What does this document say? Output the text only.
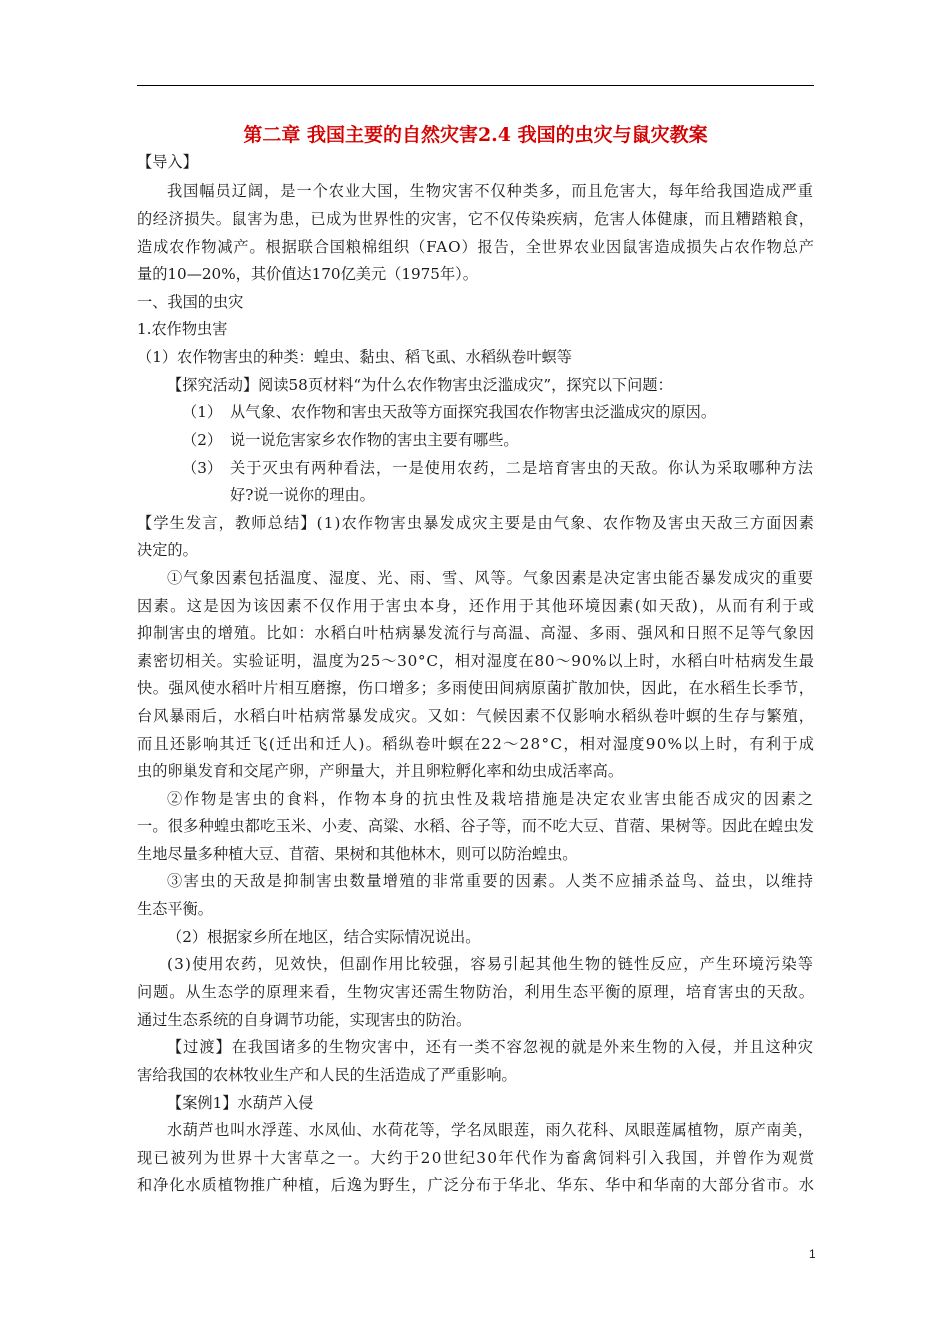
第二章 我国主要的自然灾害2.4 我国的虫灾与鼠灾教案
【导入】
我国幅员辽阔，是一个农业大国，生物灾害不仅种类多，而且危害大，每年给我国造成严重
的经济损失。鼠害为患，已成为世界性的灾害，它不仅传染疾病，危害人体健康，而且糟踏粮食，
造成农作物减产。根据联合国粮棉组织（FAO）报告，全世界农业因鼠害造成损失占农作物总产
量的10—20%，其价值达170亿美元（1975年）。
一、我国的虫灾
1.农作物虫害
（1）农作物害虫的种类：蝗虫、黏虫、稻飞虱、水稻纵卷叶螟等
【探究活动】阅读58页材料“为什么农作物害虫泛滥成灾”，探究以下问题：
（1） 从气象、农作物和害虫天敌等方面探究我国农作物害虫泛滥成灾的原因。
（2） 说一说危害家乡农作物的害虫主要有哪些。
（3） 关于灭虫有两种看法，一是使用农药，二是培育害虫的天敌。你认为采取哪种方法
好?说一说你的理由。
【学生发言，教师总结】(1)农作物害虫暴发成灾主要是由气象、农作物及害虫天敌三方面因素
决定的。
①气象因素包括温度、湿度、光、雨、雪、风等。气象因素是决定害虫能否暴发成灾的重要
因素。这是因为该因素不仅作用于害虫本身，还作用于其他环境因素(如天敌)，从而有利于或
抑制害虫的增殖。比如：水稻白叶枯病暴发流行与高温、高湿、多雨、强风和日照不足等气象因
素密切相关。实验证明，温度为25～30°C，相对湿度在80～90%以上时，水稻白叶枯病发生最
快。强风使水稻叶片相互磨擦，伤口增多；多雨使田间病原菌扩散加快，因此，在水稻生长季节，
台风暴雨后，水稻白叶枯病常暴发成灾。又如：气候因素不仅影响水稻纵卷叶螟的生存与繁殖，
而且还影响其迁飞(迁出和迁人)。稻纵卷叶螟在22～28°C，相对湿度90%以上时，有利于成
虫的卵巢发育和交尾产卵，产卵量大，并且卵粒孵化率和幼虫成活率高。
②作物是害虫的食料，作物本身的抗虫性及栽培措施是决定农业害虫能否成灾的因素之
一。很多种蝗虫都吃玉米、小麦、高粱、水稻、谷子等，而不吃大豆、苜蓿、果树等。因此在蝗虫发
生地尽量多种植大豆、苜蓿、果树和其他林木，则可以防治蝗虫。
③害虫的天敌是抑制害虫数量增殖的非常重要的因素。人类不应捕杀益鸟、益虫，以维持
生态平衡。
（2）根据家乡所在地区，结合实际情况说出。
(3)使用农药，见效快，但副作用比较强，容易引起其他生物的链性反应，产生环境污染等
问题。从生态学的原理来看，生物灾害还需生物防治，利用生态平衡的原理，培育害虫的天敌。
通过生态系统的自身调节功能，实现害虫的防治。
【过渡】在我国诸多的生物灾害中，还有一类不容忽视的就是外来生物的入侵，并且这种灾
害给我国的农林牧业生产和人民的生活造成了严重影响。
【案例1】水葫芦入侵
水葫芦也叫水浮莲、水凤仙、水荷花等，学名凤眼莲，雨久花科、凤眼莲属植物，原产南美，
现已被列为世界十大害草之一。大约于20世纪30年代作为畜禽饲料引入我国，并曾作为观赏
和净化水质植物推广种植，后逸为野生，广泛分布于华北、华东、华中和华南的大部分省市。水
1
